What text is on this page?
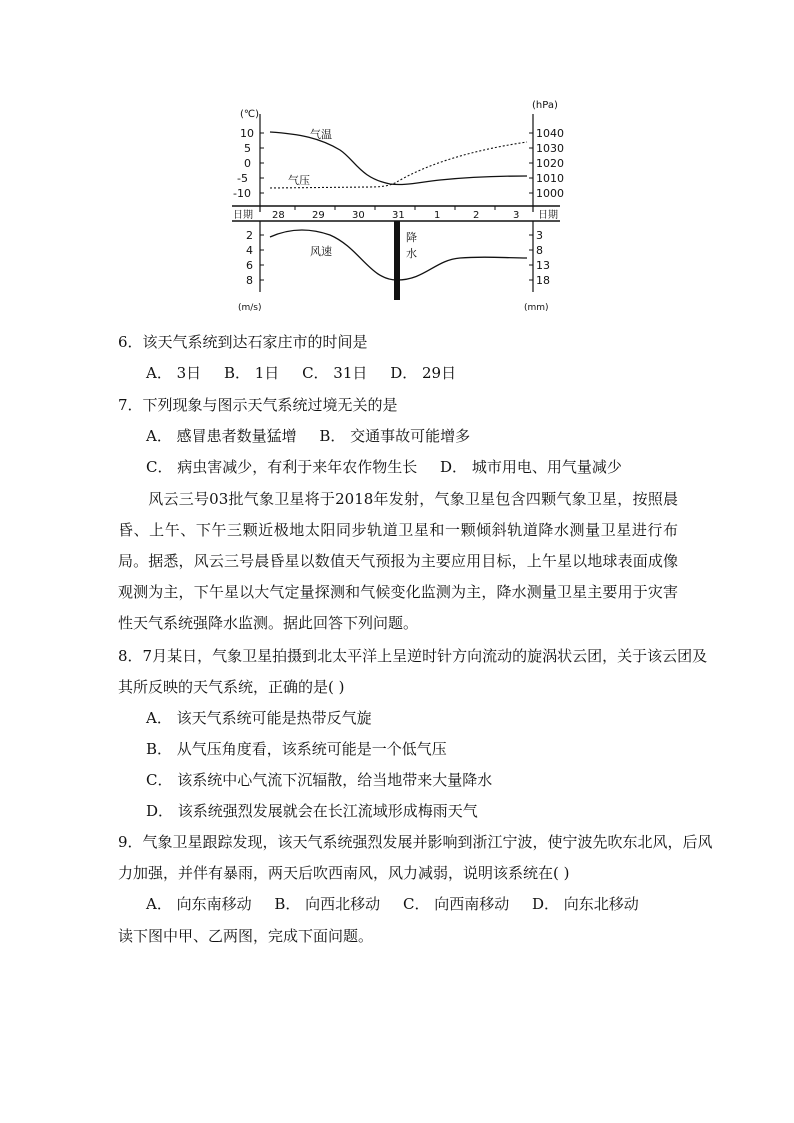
(℃)
(hPa)
10
5
0
-5
-10
1040
1030
1020
1010
1000
气温
气压
日期	日期
28	29	30	31	1	2	3
2
4
6
8
3
8
13
18
降
水
风速
(m/s)	(mm)
6．该天气系统到达石家庄市的时间是
A． 3日 B． 1日 C． 31日 D． 29日
7．下列现象与图示天气系统过境无关的是
A． 感冒患者数量猛增 B． 交通事故可能增多
C． 病虫害减少，有利于来年农作物生长 D． 城市用电、用气量减少
风云三号03批气象卫星将于2018年发射，气象卫星包含四颗气象卫星，按照晨昏、上午、下午三颗近极地太阳同步轨道卫星和一颗倾斜轨道降水测量卫星进行布局。据悉，风云三号晨昏星以数值天气预报为主要应用目标，上午星以地球表面成像观测为主，下午星以大气定量探测和气候变化监测为主，降水测量卫星主要用于灾害性天气系统强降水监测。据此回答下列问题。
8．7月某日，气象卫星拍摄到北太平洋上呈逆时针方向流动的旋涡状云团，关于该云团及
其所反映的天气系统，正确的是( )
A． 该天气系统可能是热带反气旋
B． 从气压角度看，该系统可能是一个低气压
C． 该系统中心气流下沉辐散，给当地带来大量降水
D． 该系统强烈发展就会在长江流域形成梅雨天气
9．气象卫星跟踪发现，该天气系统强烈发展并影响到浙江宁波，使宁波先吹东北风，后风
力加强，并伴有暴雨，两天后吹西南风，风力减弱，说明该系统在( )
A． 向东南移动 B． 向西北移动 C． 向西南移动 D． 向东北移动
读下图中甲、乙两图，完成下面问题。
